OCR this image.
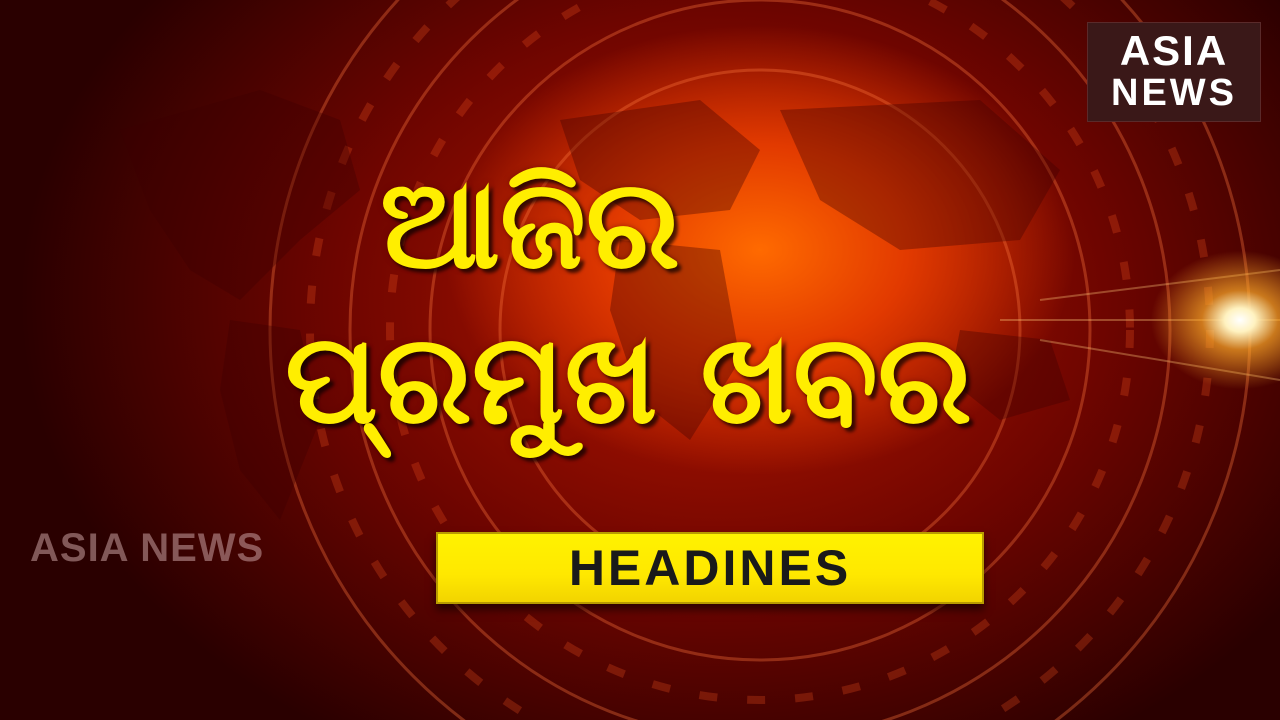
ASIA
NEWS
ଆଜିର
ପ୍ରମୁଖ ଖବର
ASIA NEWS	HEADINES
